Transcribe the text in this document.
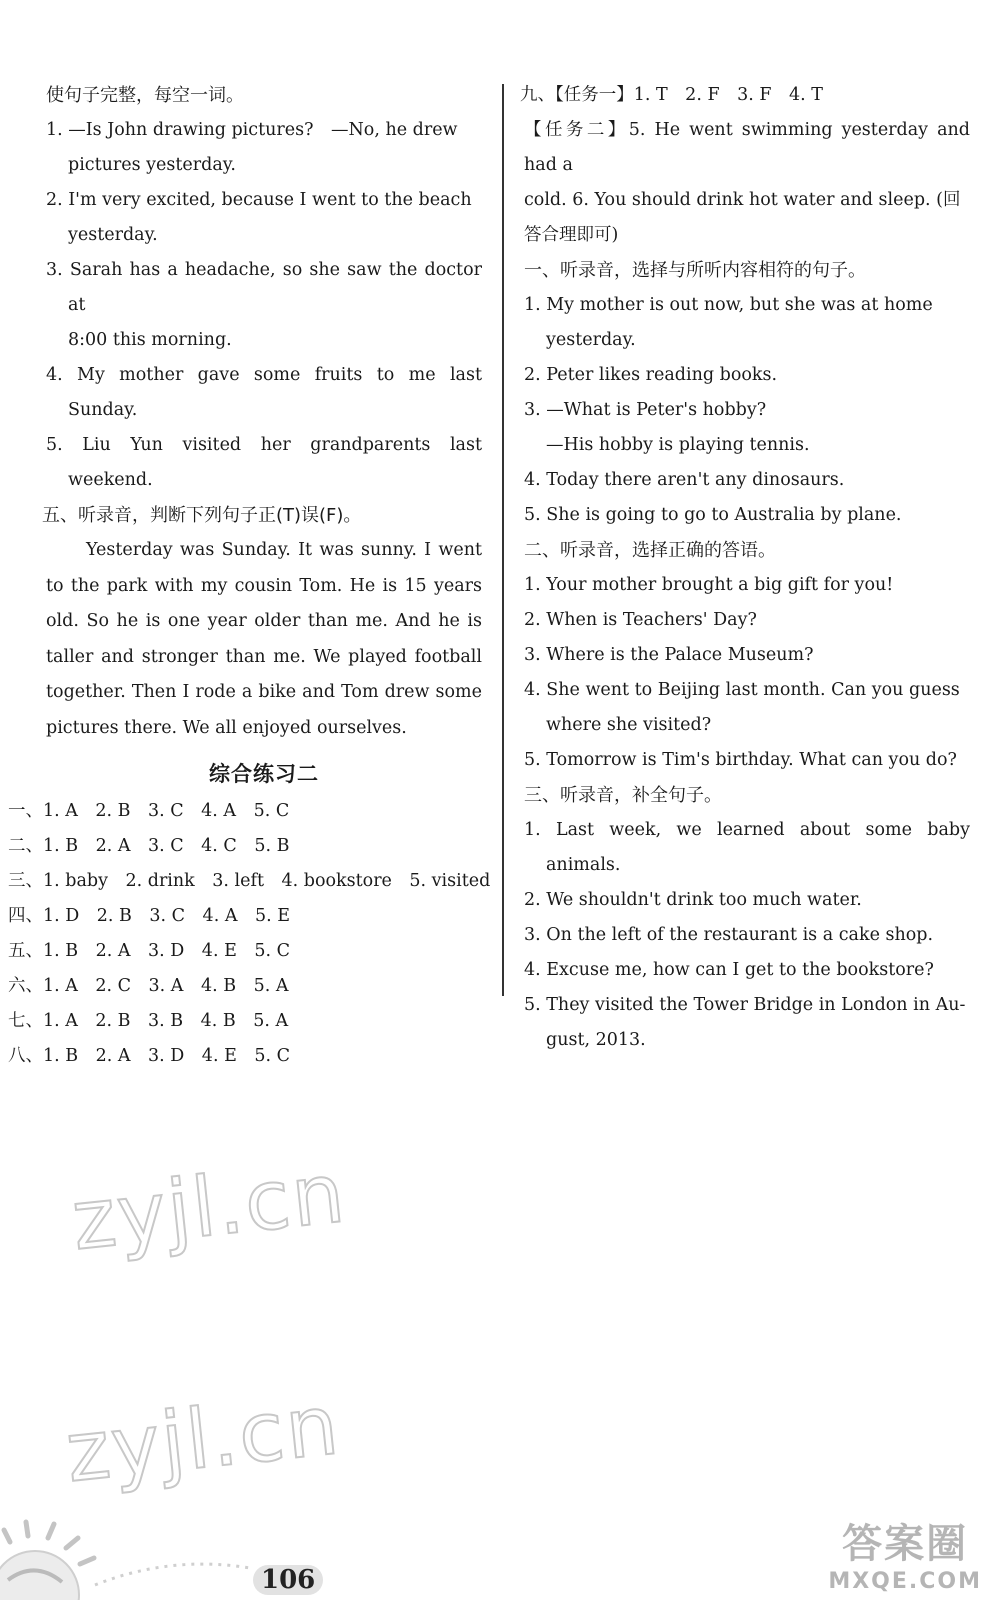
使句子完整，每空一词。
1. —Is John drawing pictures?　—No, he drew
pictures yesterday.
2. I'm very excited, because I went to the beach
yesterday.
3. Sarah has a headache, so she saw the doctor at
8:00 this morning.
4. My mother gave some fruits to me last Sunday.
5. Liu Yun visited her grandparents last weekend.
五、听录音，判断下列句子正(T)误(F)。
Yesterday was Sunday. It was sunny. I went to the park with my cousin Tom. He is 15 years old. So he is one year older than me. And he is taller and stronger than me. We played football together. Then I rode a bike and Tom drew some pictures there. We all enjoyed ourselves.
综合练习二
一、1. A　2. B　3. C　4. A　5. C
二、1. B　2. A　3. C　4. C　5. B
三、1. baby　2. drink　3. left　4. bookstore　5. visited
四、1. D　2. B　3. C　4. A　5. E
五、1. B　2. A　3. D　4. E　5. C
六、1. A　2. C　3. A　4. B　5. A
七、1. A　2. B　3. B　4. B　5. A
八、1. B　2. A　3. D　4. E　5. C
九、【任务一】1. T　2. F　3. F　4. T
【任务二】5. He went swimming yesterday and had a
cold. 6. You should drink hot water and sleep. (回
答合理即可)
一、听录音，选择与所听内容相符的句子。
1. My mother is out now, but she was at home
yesterday.
2. Peter likes reading books.
3. —What is Peter's hobby?
—His hobby is playing tennis.
4. Today there aren't any dinosaurs.
5. She is going to go to Australia by plane.
二、听录音，选择正确的答语。
1. Your mother brought a big gift for you!
2. When is Teachers' Day?
3. Where is the Palace Museum?
4. She went to Beijing last month. Can you guess
where she visited?
5. Tomorrow is Tim's birthday. What can you do?
三、听录音，补全句子。
1. Last week, we learned about some baby animals.
2. We shouldn't drink too much water.
3. On the left of the restaurant is a cake shop.
4. Excuse me, how can I get to the bookstore?
5. They visited the Tower Bridge in London in Au-
gust, 2013.
zyjl.cn
zyjl.cn
106
答案圈
MXQE.COM
